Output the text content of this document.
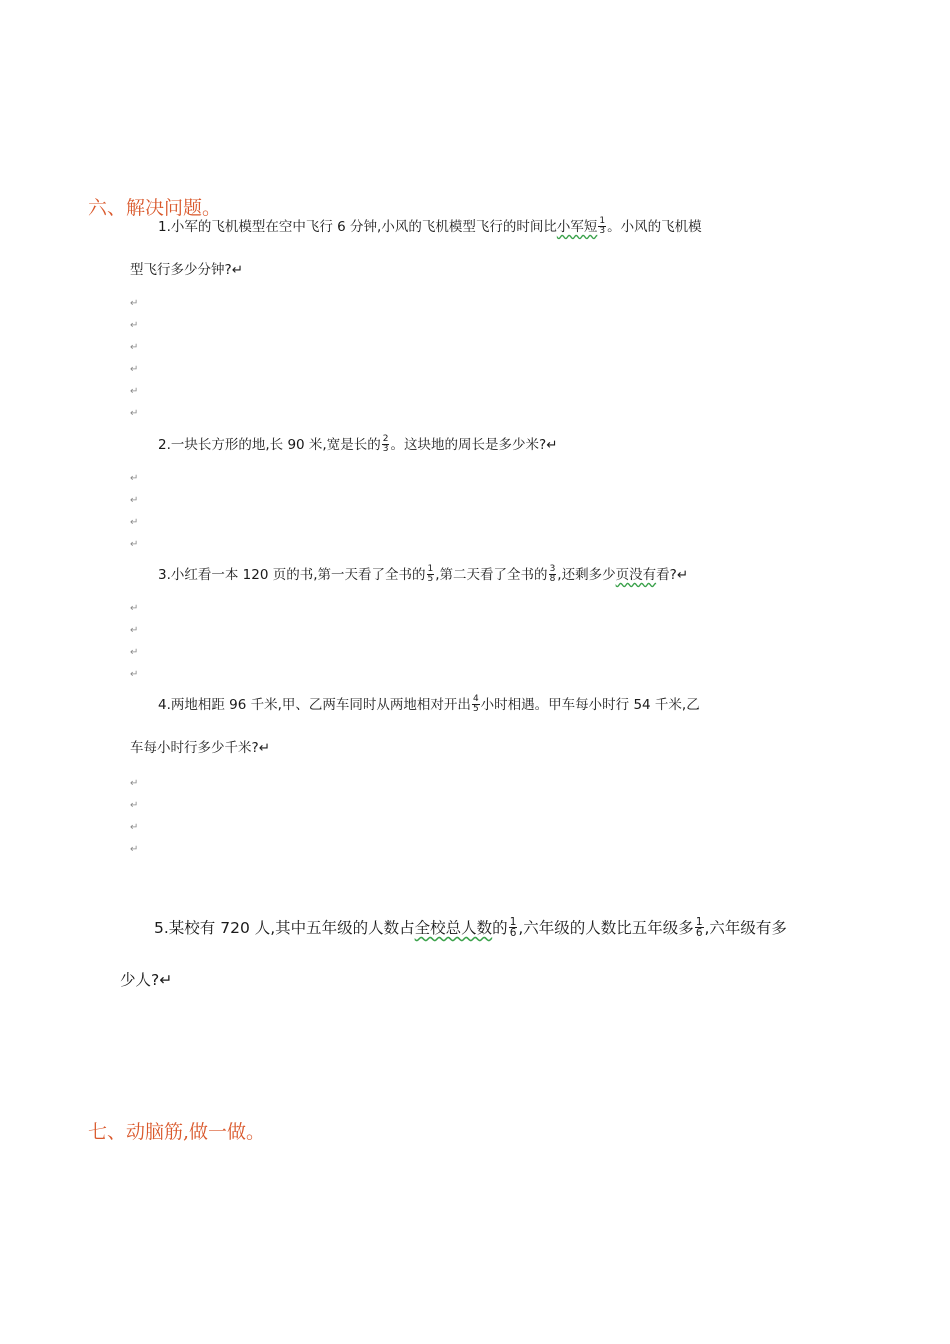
六、解决问题。
1.小军的飞机模型在空中飞行 6 分钟,小风的飞机模型飞行的时间比小军短 $\frac{1}{3}$ 。小风的飞机模
型飞行多少分钟?↵
↵
↵
↵
↵
↵
↵
2.一块长方形的地,长 90 米,宽是长的 $\frac{2}{3}$ 。这块地的周长是多少米?↵
↵
↵
↵
↵
3.小红看一本 120 页的书,第一天看了全书的 $\frac{1}{5}$ ,第二天看了全书的 $\frac{3}{8}$ ,还剩多少页没有看?↵
↵
↵
↵
↵
4.两地相距 96 千米,甲、乙两车同时从两地相对开出 $\frac{4}{5}$ 小时相遇。甲车每小时行 54 千米,乙
车每小时行多少千米?↵
↵
↵
↵
↵
5.某校有 720 人,其中五年级的人数占全校总人数的 $\frac{1}{6}$ ,六年级的人数比五年级多 $\frac{1}{6}$ ,六年级有多
少人?↵
七、动脑筋,做一做。
